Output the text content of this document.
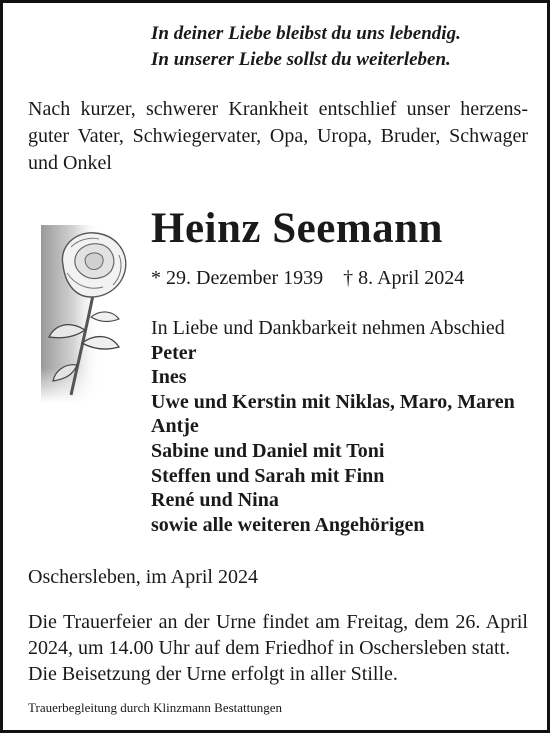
In deiner Liebe bleibst du uns lebendig.
In unserer Liebe sollst du weiterleben.
Nach kurzer, schwerer Krankheit entschlief unser herzens-guter Vater, Schwiegervater, Opa, Uropa, Bruder, Schwager und Onkel
Heinz Seemann
* 29. Dezember 1939 † 8. April 2024
In Liebe und Dankbarkeit nehmen Abschied
Peter
Ines
Uwe und Kerstin mit Niklas, Maro, Maren
Antje
Sabine und Daniel mit Toni
Steffen und Sarah mit Finn
René und Nina
sowie alle weiteren Angehörigen
Oschersleben, im April 2024

Die Trauerfeier an der Urne findet am Freitag, dem 26. April 2024, um 14.00 Uhr auf dem Friedhof in Oschersleben statt.

Die Beisetzung der Urne erfolgt in aller Stille.

Trauerbegleitung durch Klinzmann Bestattungen
